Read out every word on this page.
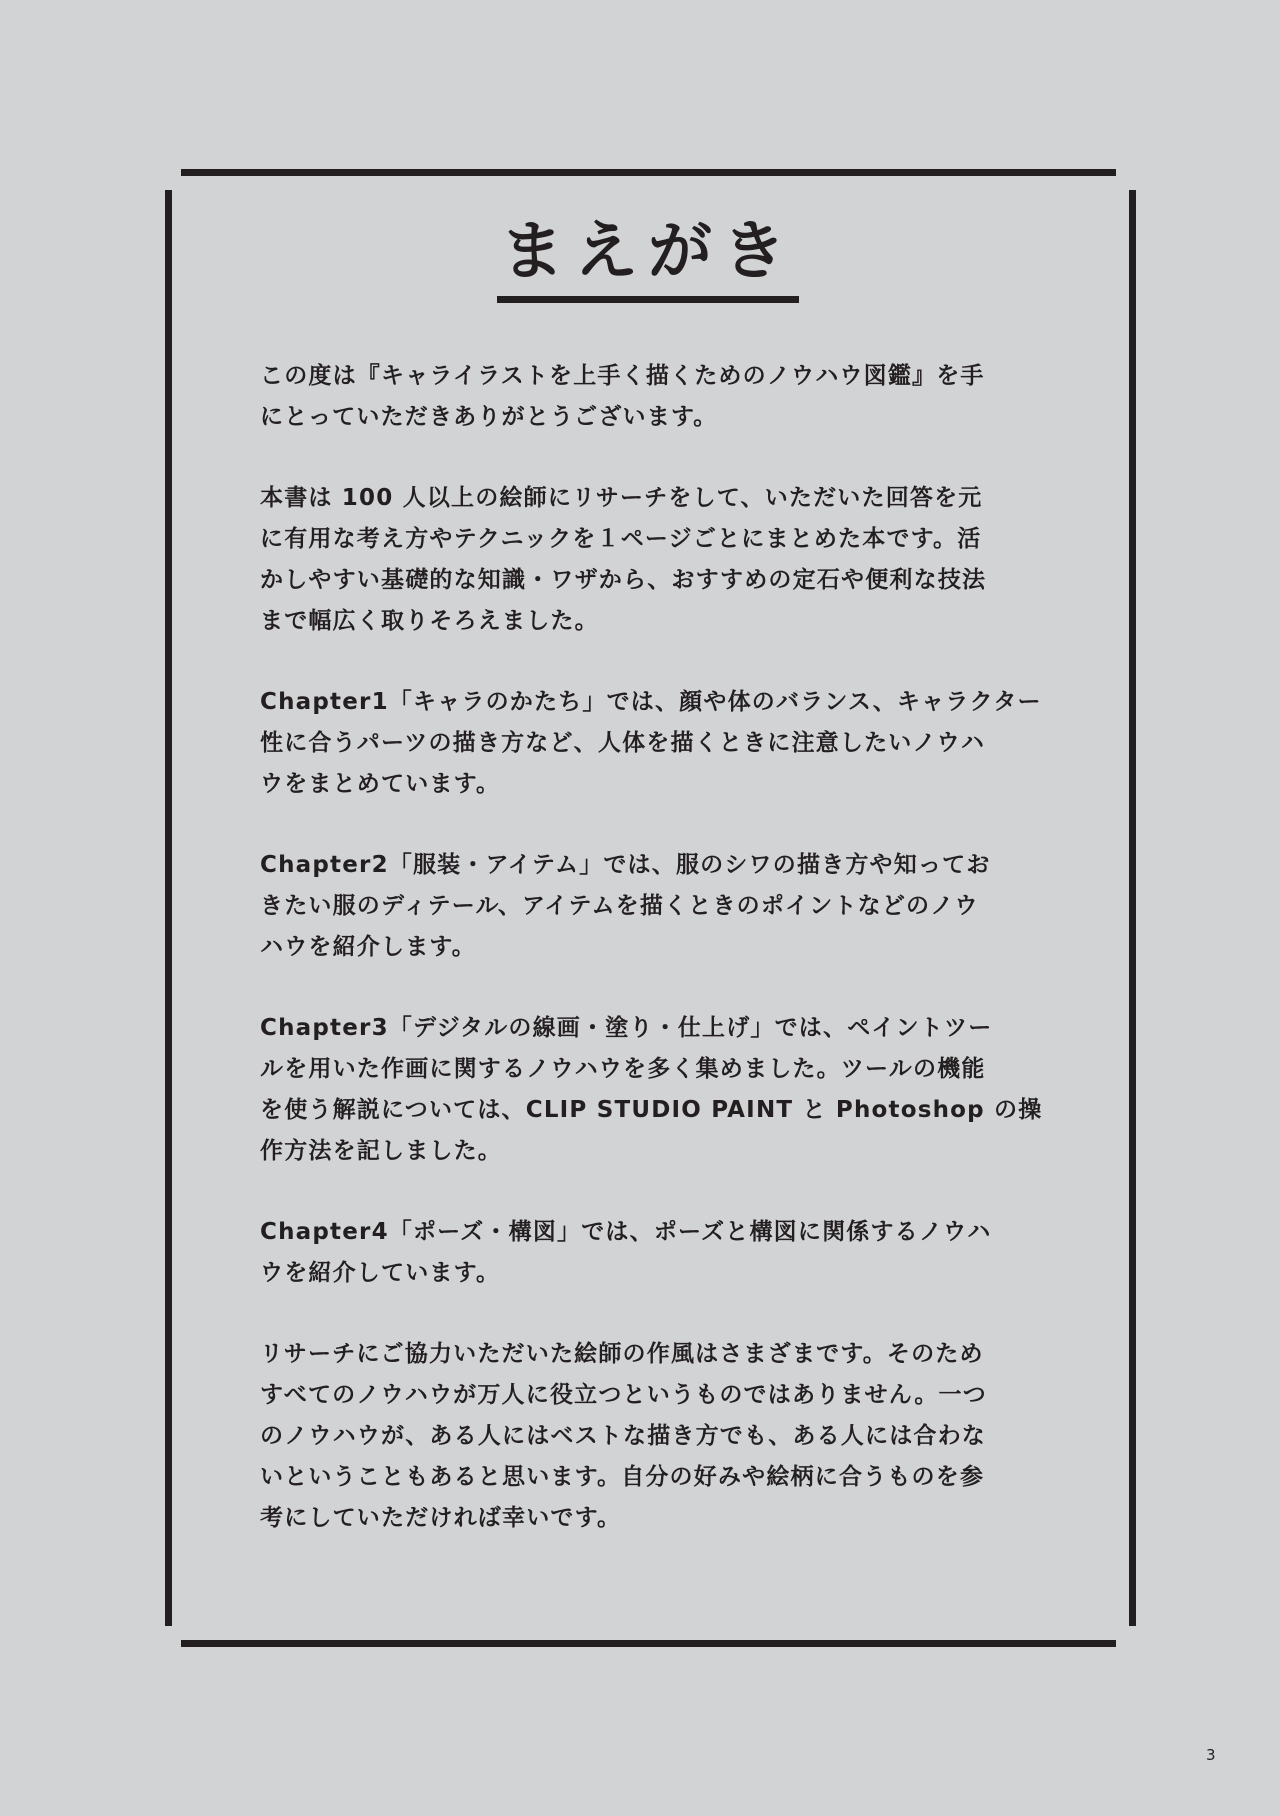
まえがき

この度は『キャライラストを上手く描くためのノウハウ図鑑』を手
にとっていただきありがとうございます。

本書は 100 人以上の絵師にリサーチをして、いただいた回答を元
に有用な考え方やテクニックを１ページごとにまとめた本です。活
かしやすい基礎的な知識・ワザから、おすすめの定石や便利な技法
まで幅広く取りそろえました。

Chapter1「キャラのかたち」では、顔や体のバランス、キャラクター
性に合うパーツの描き方など、人体を描くときに注意したいノウハ
ウをまとめています。

Chapter2「服装・アイテム」では、服のシワの描き方や知ってお
きたい服のディテール、アイテムを描くときのポイントなどのノウ
ハウを紹介します。

Chapter3「デジタルの線画・塗り・仕上げ」では、ペイントツー
ルを用いた作画に関するノウハウを多く集めました。ツールの機能
を使う解説については、CLIP STUDIO PAINT と Photoshop の操
作方法を記しました。

Chapter4「ポーズ・構図」では、ポーズと構図に関係するノウハ
ウを紹介しています。

リサーチにご協力いただいた絵師の作風はさまざまです。そのため
すべてのノウハウが万人に役立つというものではありません。一つ
のノウハウが、ある人にはベストな描き方でも、ある人には合わな
いということもあると思います。自分の好みや絵柄に合うものを参
考にしていただければ幸いです。

3
